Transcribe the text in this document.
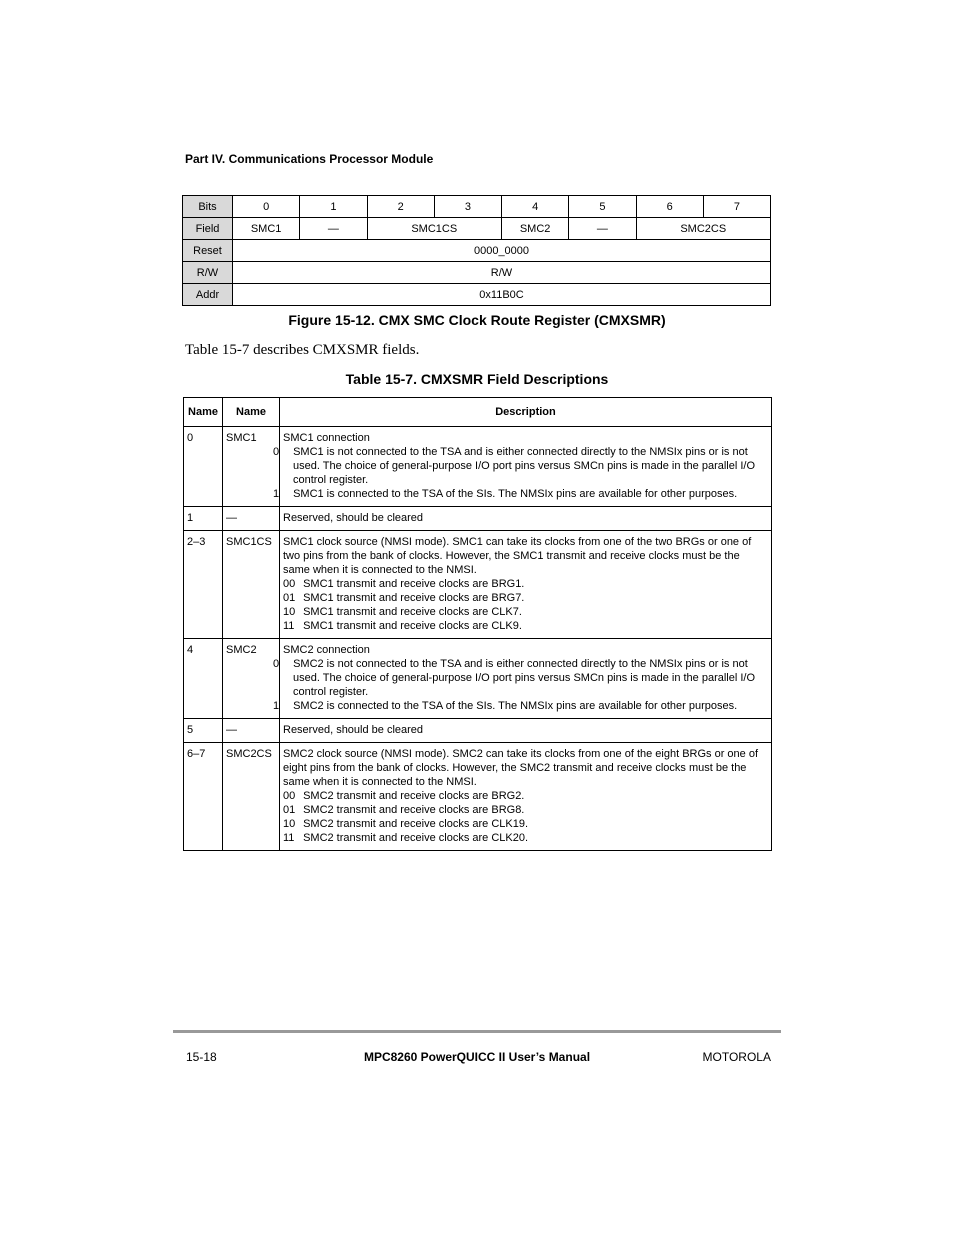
Part IV. Communications Processor Module
Bits	0	1	2	3	4	5	6	7
Field	SMC1	—	SMC1CS		SMC2	—	SMC2CS	
Reset	0000_0000							
R/W	R/W							
Addr	0x11B0C							
Figure 15-12. CMX SMC Clock Route Register (CMXSMR)
Table 15-7 describes CMXSMR fields.
Table 15-7. CMXSMR Field Descriptions
Name	Name	Description
0	SMC1	SMC1 connection
0 SMC1 is not connected to the TSA and is either connected directly to the NMSIx pins or is not used. The choice of general-purpose I/O port pins versus SMCn pins is made in the parallel I/O control register.
1 SMC1 is connected to the TSA of the SIs. The NMSIx pins are available for other purposes.

1	—	Reserved, should be cleared

2–3	SMC1CS	SMC1 clock source (NMSI mode). SMC1 can take its clocks from one of the two BRGs or one of two pins from the bank of clocks. However, the SMC1 transmit and receive clocks must be the same when it is connected to the NMSI.
00 SMC1 transmit and receive clocks are BRG1.
01 SMC1 transmit and receive clocks are BRG7.
10 SMC1 transmit and receive clocks are CLK7.
11 SMC1 transmit and receive clocks are CLK9.

4	SMC2	SMC2 connection
0 SMC2 is not connected to the TSA and is either connected directly to the NMSIx pins or is not used. The choice of general-purpose I/O port pins versus SMCn pins is made in the parallel I/O control register.
1 SMC2 is connected to the TSA of the SIs. The NMSIx pins are available for other purposes.

5	—	Reserved, should be cleared

6–7	SMC2CS	SMC2 clock source (NMSI mode). SMC2 can take its clocks from one of the eight BRGs or one of eight pins from the bank of clocks. However, the SMC2 transmit and receive clocks must be the same when it is connected to the NMSI.
00 SMC2 transmit and receive clocks are BRG2.
01 SMC2 transmit and receive clocks are BRG8.
10 SMC2 transmit and receive clocks are CLK19.
11 SMC2 transmit and receive clocks are CLK20.
15-18	MPC8260 PowerQUICC II User’s Manual	MOTOROLA
